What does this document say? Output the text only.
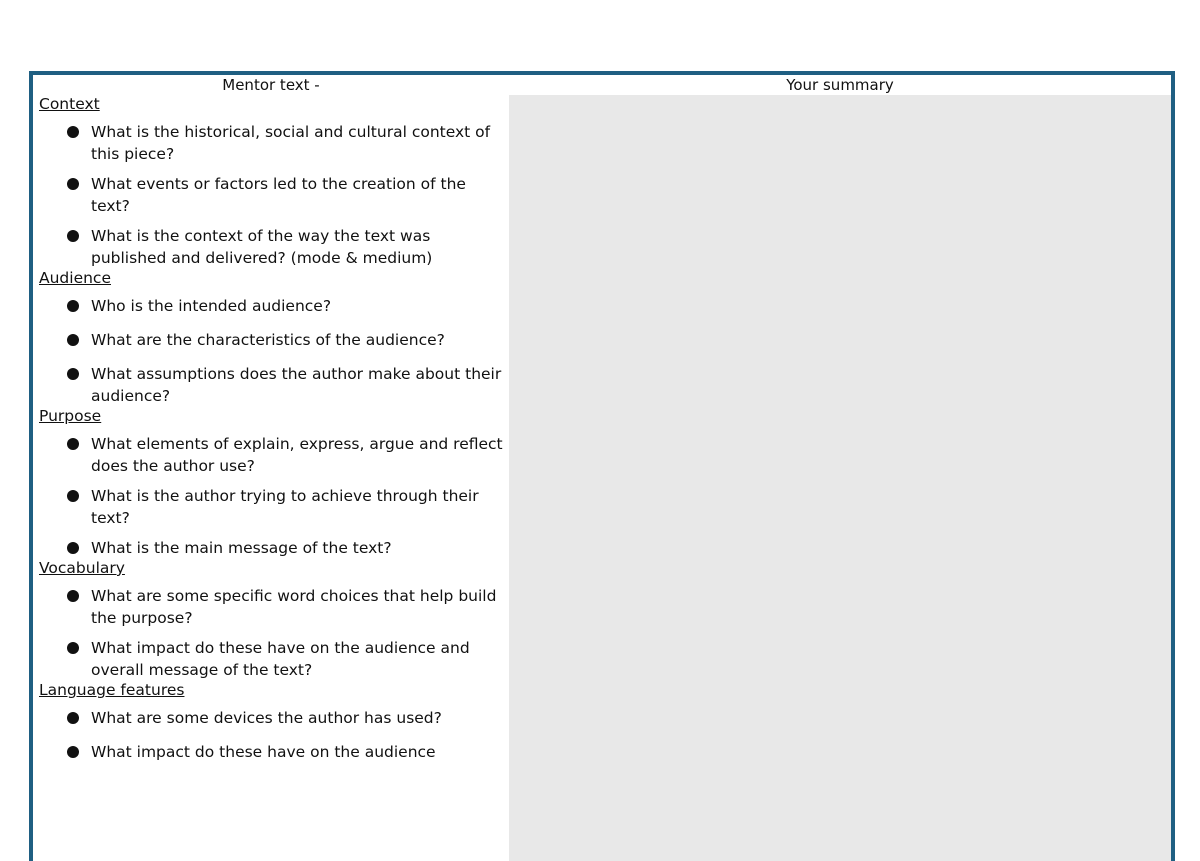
Mentor text -

Context

What is the historical, social and cultural context of this piece?
What events or factors led to the creation of the text?
What is the context of the way the text was published and delivered? (mode & medium)

Audience

Who is the intended audience?
What are the characteristics of the audience?
What assumptions does the author make about their audience?

Purpose

What elements of explain, express, argue and reflect does the author use?
What is the author trying to achieve through their text?
What is the main message of the text?

Vocabulary

What are some specific word choices that help build the purpose?
What impact do these have on the audience and overall message of the text?

Language features

What are some devices the author has used?
What impact do these have on the audience
Your summary
